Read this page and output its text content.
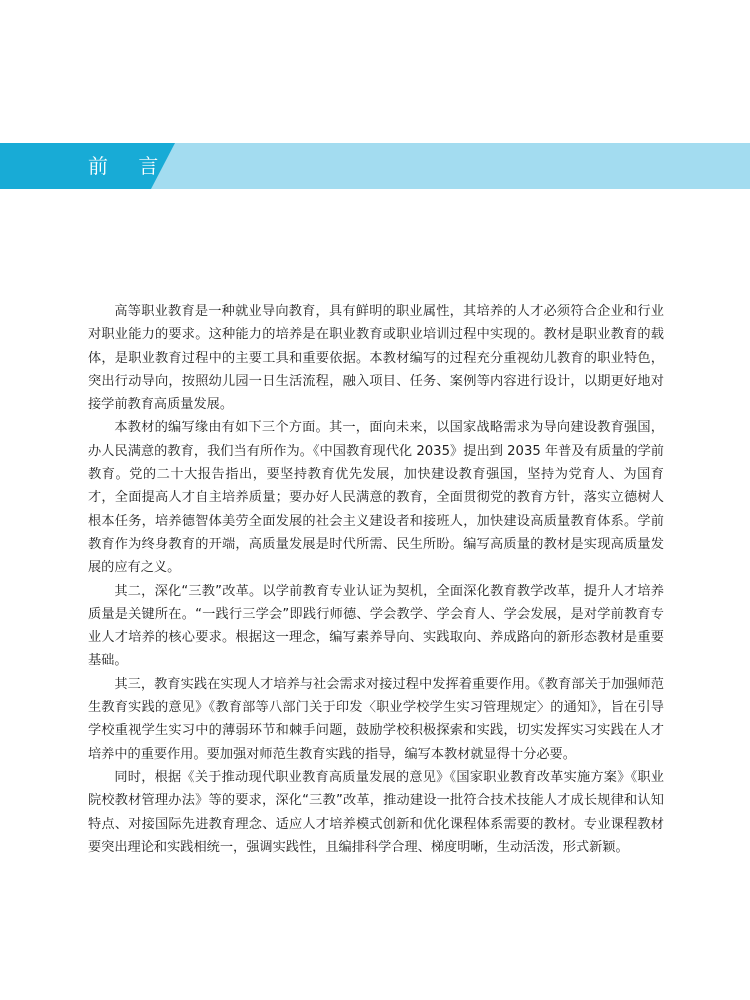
前 言

高等职业教育是一种就业导向教育，具有鲜明的职业属性，其培养的人才必须符合企业和行业对职业能力的要求。这种能力的培养是在职业教育或职业培训过程中实现的。教材是职业教育的载体，是职业教育过程中的主要工具和重要依据。本教材编写的过程充分重视幼儿教育的职业特色，突出行动导向，按照幼儿园一日生活流程，融入项目、任务、案例等内容进行设计，以期更好地对接学前教育高质量发展。

本教材的编写缘由有如下三个方面。其一，面向未来，以国家战略需求为导向建设教育强国，办人民满意的教育，我们当有所作为。《中国教育现代化 2035》提出到 2035 年普及有质量的学前教育。党的二十大报告指出，要坚持教育优先发展，加快建设教育强国，坚持为党育人、为国育才，全面提高人才自主培养质量；要办好人民满意的教育，全面贯彻党的教育方针，落实立德树人根本任务，培养德智体美劳全面发展的社会主义建设者和接班人，加快建设高质量教育体系。学前教育作为终身教育的开端，高质量发展是时代所需、民生所盼。编写高质量的教材是实现高质量发展的应有之义。

其二，深化“三教”改革。以学前教育专业认证为契机，全面深化教育教学改革，提升人才培养质量是关键所在。“一践行三学会”即践行师德、学会教学、学会育人、学会发展，是对学前教育专业人才培养的核心要求。根据这一理念，编写素养导向、实践取向、养成路向的新形态教材是重要基础。

其三，教育实践在实现人才培养与社会需求对接过程中发挥着重要作用。《教育部关于加强师范生教育实践的意见》《教育部等八部门关于印发〈职业学校学生实习管理规定〉的通知》，旨在引导学校重视学生实习中的薄弱环节和棘手问题，鼓励学校积极探索和实践，切实发挥实习实践在人才培养中的重要作用。要加强对师范生教育实践的指导，编写本教材就显得十分必要。

同时，根据《关于推动现代职业教育高质量发展的意见》《国家职业教育改革实施方案》《职业院校教材管理办法》等的要求，深化“三教”改革，推动建设一批符合技术技能人才成长规律和认知特点、对接国际先进教育理念、适应人才培养模式创新和优化课程体系需要的教材。专业课程教材要突出理论和实践相统一，强调实践性，且编排科学合理、梯度明晰，生动活泼，形式新颖。
